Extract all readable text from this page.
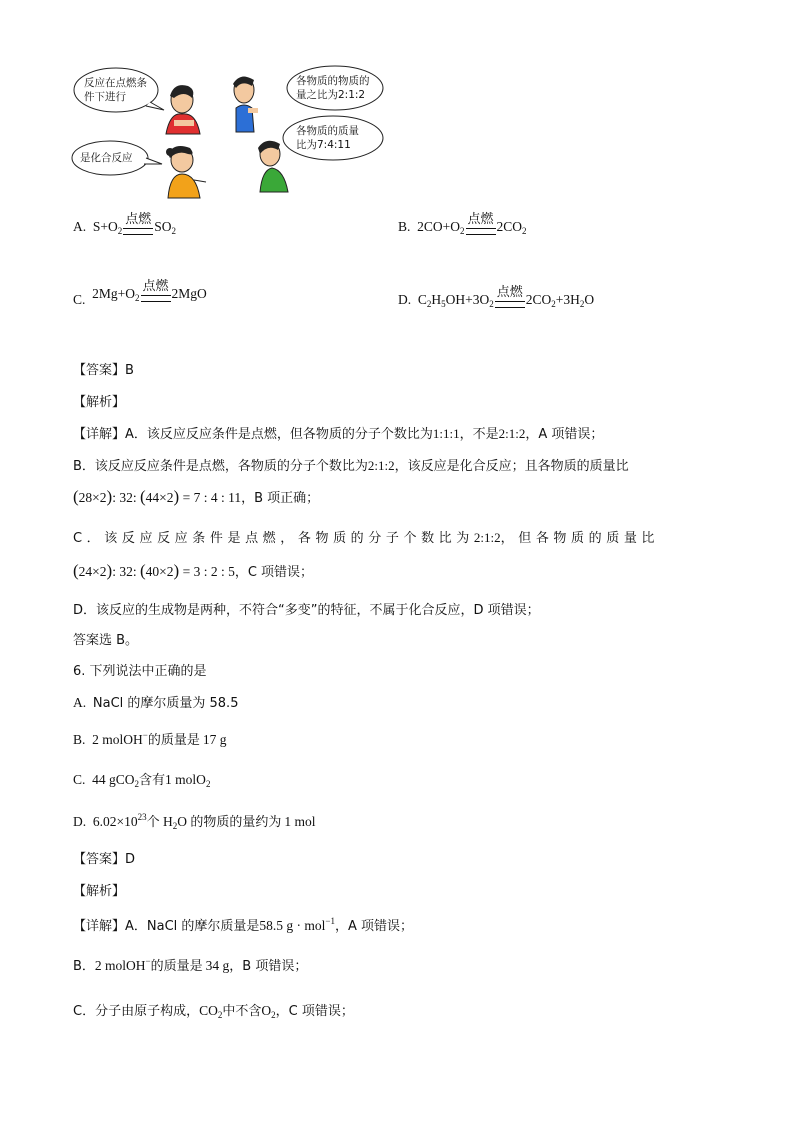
反应在点燃条件下进行
各物质的物质的量之比为2:1:2
各物质的质量比为7:4:11
是化合反应
A. $S+O_2$
点燃 $SO_2$	B. $2CO+O_2$
点燃 $2CO_2$
C. $2Mg+O_2$
点燃 2MgO	D. $C_2H_5OH+3O_2$
点燃 $2CO_2+3H_2O$
【答案】B
【解析】
【详解】A．该反应反应条件是点燃，但各物质的分子个数比为1:1:1，不是2:1:2，A 项错误；
B．该反应反应条件是点燃，各物质的分子个数比为2:1:2，该反应是化合反应；且各物质的质量比
(28×2): 32: (44×2) = 7 : 4 : 11，B 项正确；
C．该反应反应条件是点燃，各物质的分子个数比为2:1:2，但各物质的质量比
(24×2): 32: (40×2) = 3 : 2 : 5，C 项错误；
D．该反应的生成物是两种，不符合“多变”的特征，不属于化合反应，D 项错误；
答案选 B。
6. 下列说法中正确的是
A. NaCl 的摩尔质量为 58.5
B. 2 molOH−的质量是 17 g
C. 44 gCO$_2$含有1 molO$_2$
D. $6.02\times 10^{23}$个 $H_2O$ 的物质的量约为 1 mol
【答案】D
【解析】
【详解】A．NaCl 的摩尔质量是58.5 g · mol$^{-1}$，A 项错误；
B．2 molOH−的质量是 34 g，B 项错误；
C．分子由原子构成，$CO_2$中不含$O_2$，C 项错误；
